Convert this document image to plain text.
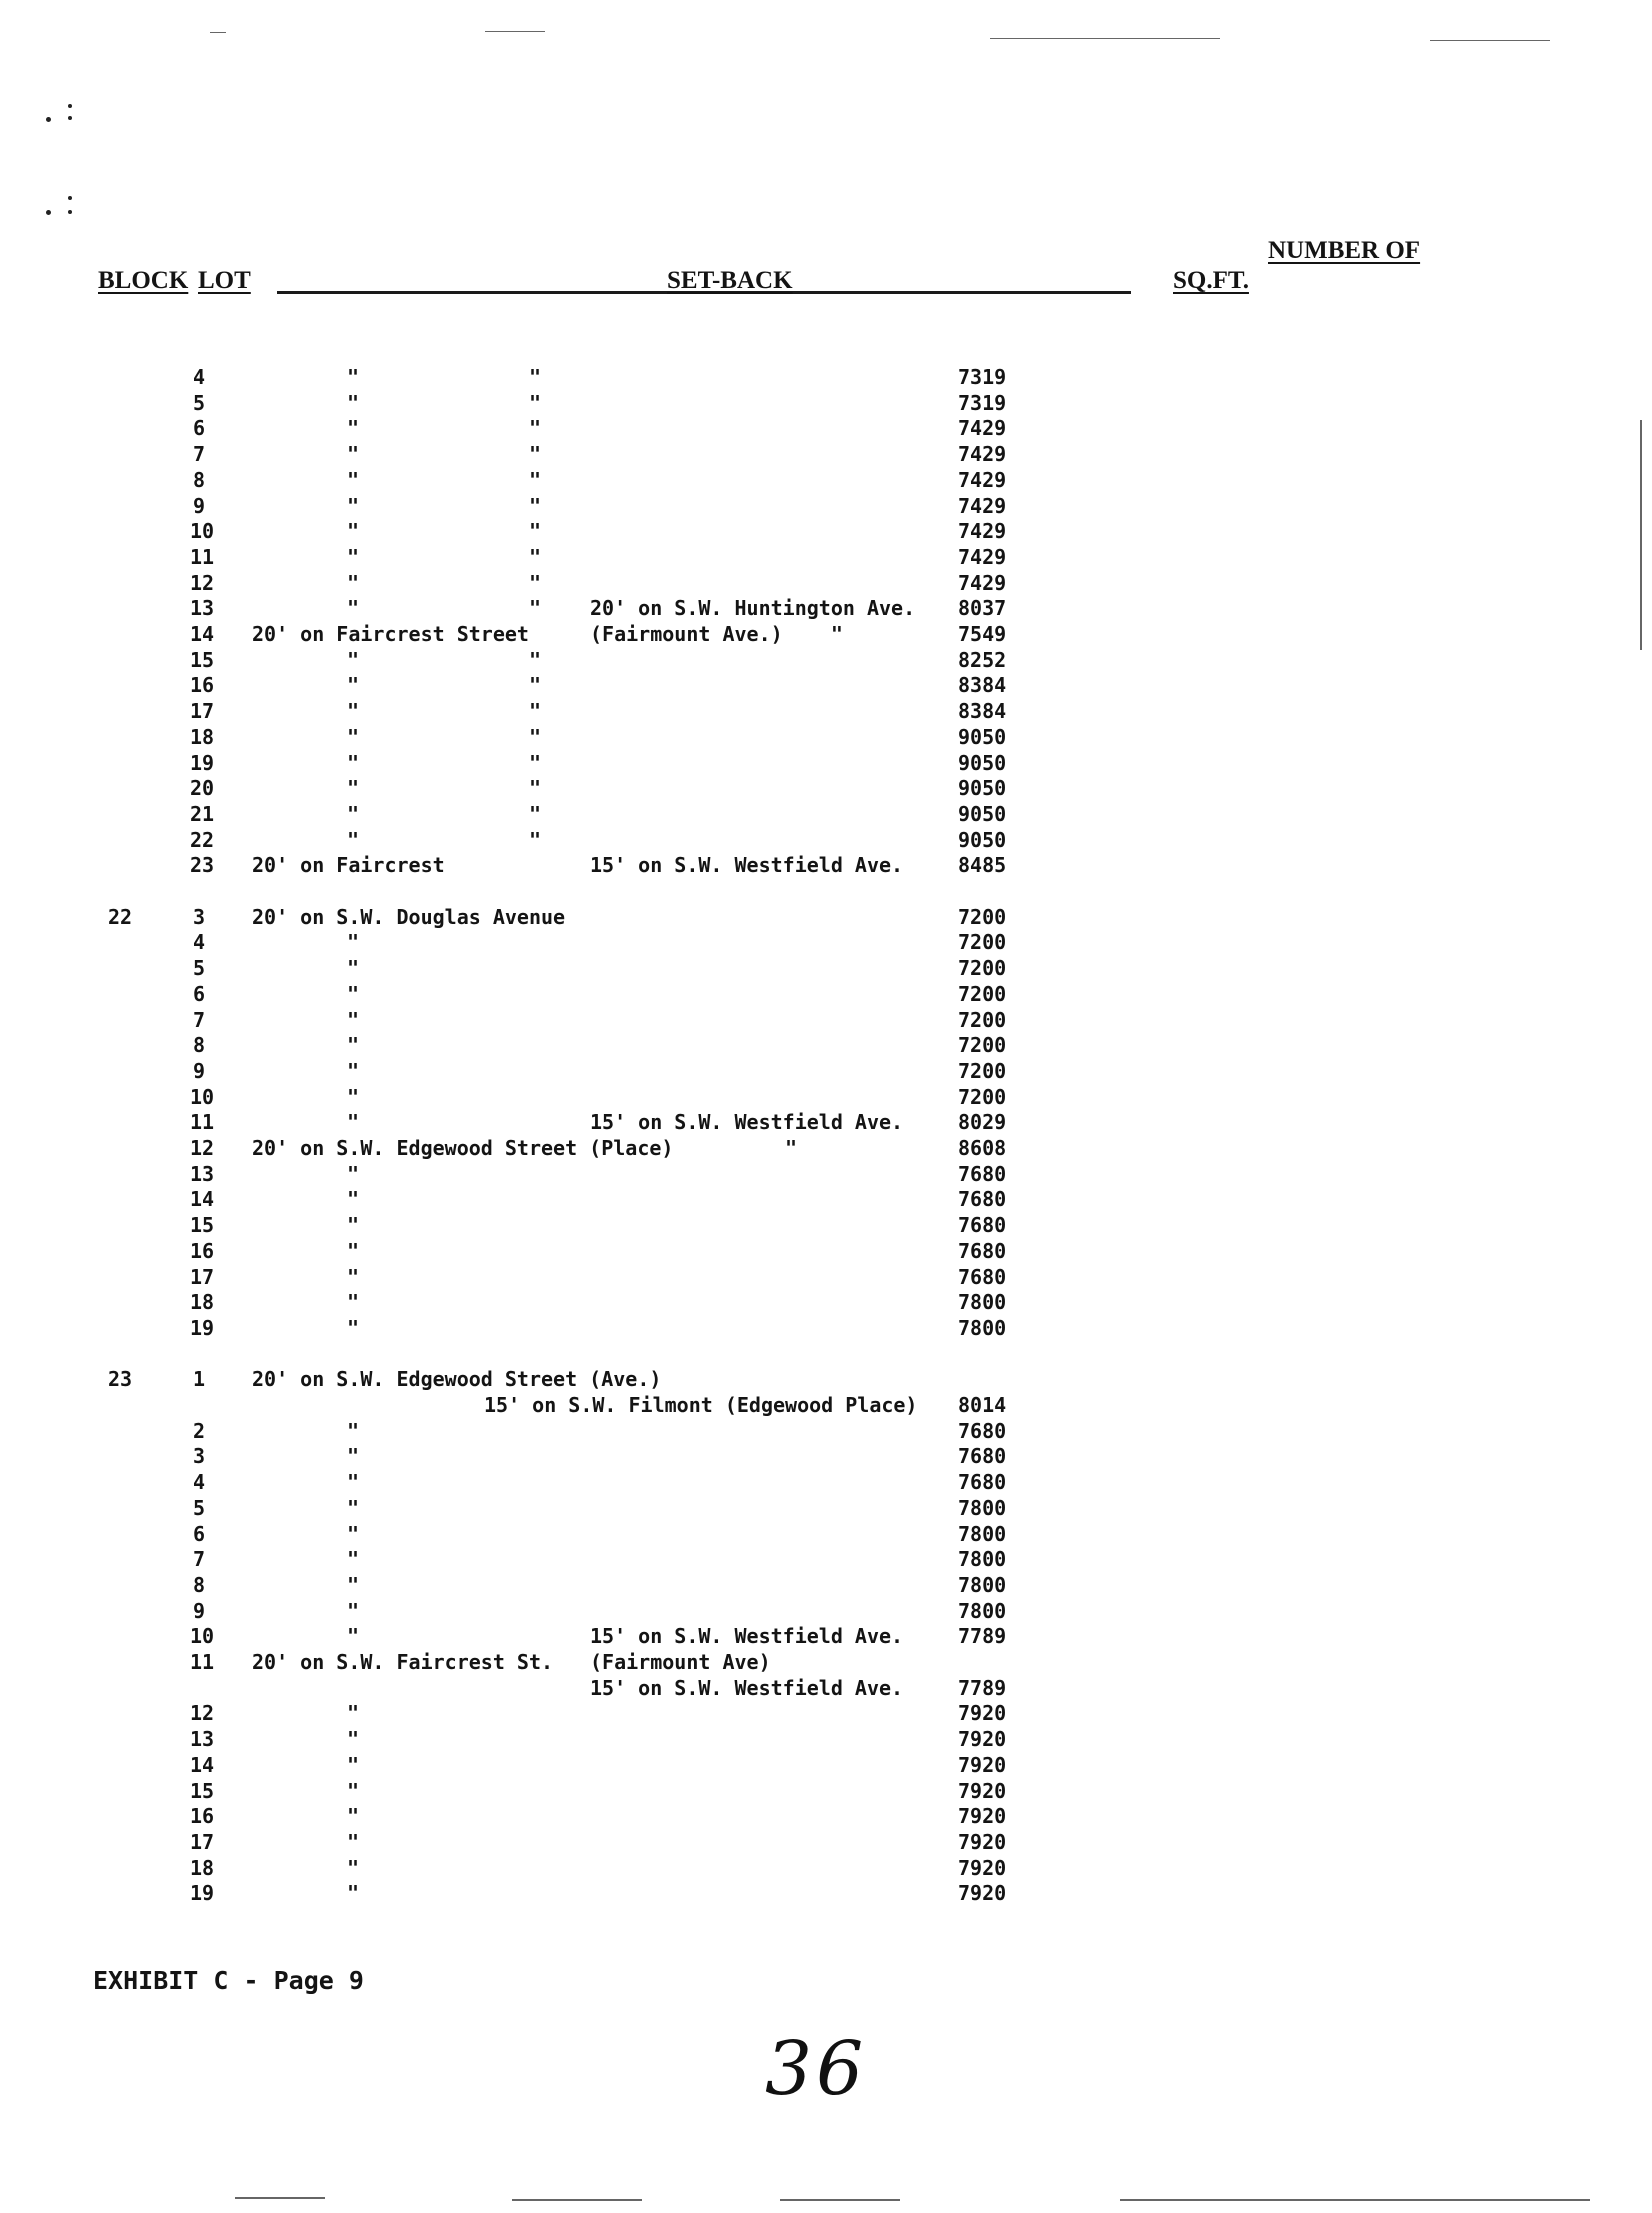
NUMBER OF
BLOCK LOT	SET-BACK	SQ.FT.
4	"	"	7319
5	"	"	7319
6	"	"	7429
7	"	"	7429
8	"	"	7429
9	"	"	7429
10	"	"	7429
11	"	"	7429
12	"	"	7429
13	"	" 20' on S.W. Huntington Ave. 8037
14 20' on Faircrest Street	(Fairmount Ave.)    "	7549
15	"	"	8252
16	"	"	8384
17	"	"	8384
18	"	"	9050
19	"	"	9050
20	"	"	9050
21	"	"	9050
22	"	"	9050
23 20' on Faircrest	15' on S.W. Westfield Ave.	8485
22	3 20' on S.W. Douglas Avenue	7200
4	"	7200
5	"	7200
6	"	7200
7	"	7200
8	"	7200
9	"	7200
10	"	7200
11	"	15' on S.W. Westfield Ave.	8029
12 20' on S.W. Edgewood Street (Place)	"	8608
13	"	7680
14	"	7680
15	"	7680
16	"	7680
17	"	7680
18	"	7800
19	"	7800
23	1 20' on S.W. Edgewood Street (Ave.)
15' on S.W. Filmont (Edgewood Place) 8014
2	"	7680
3	"	7680
4	"	7680
5	"	7800
6	"	7800
7	"	7800
8	"	7800
9	"	7800
10	"	15' on S.W. Westfield Ave.	7789
11 20' on S.W. Faircrest St. (Fairmount Ave)
15' on S.W. Westfield Ave.	7789
12	"	7920
13	"	7920
14	"	7920
15	"	7920
16	"	7920
17	"	7920
18	"	7920
19	"	7920
EXHIBIT C - Page 9
36
